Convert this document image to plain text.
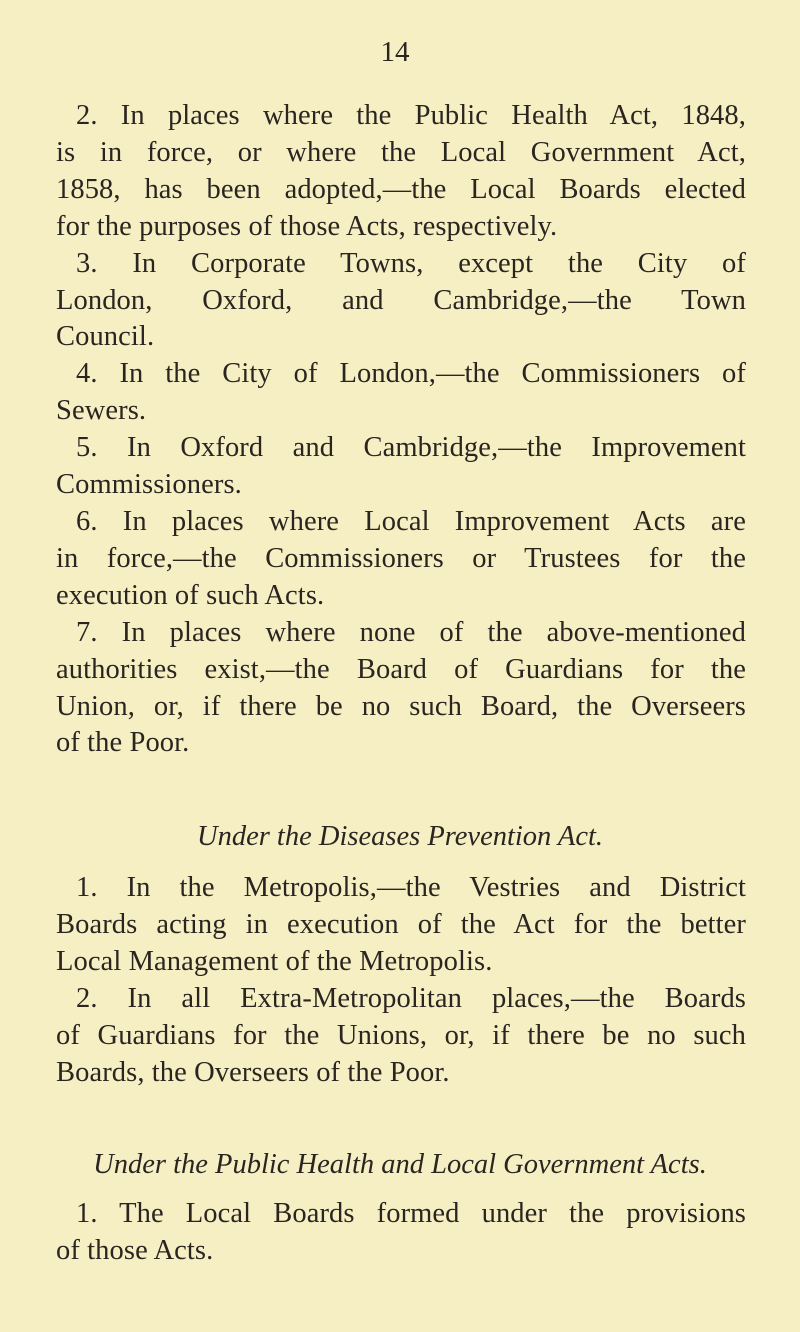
14
2. In places where the Public Health Act, 1848,
is in force, or where the Local Government Act,
1858, has been adopted,—the Local Boards elected
for the purposes of those Acts, respectively.
3. In Corporate Towns, except the City of
London, Oxford, and Cambridge,—the Town
Council.
4. In the City of London,—the Commissioners of
Sewers.
5. In Oxford and Cambridge,—the Improvement
Commissioners.
6. In places where Local Improvement Acts are
in force,—the Commissioners or Trustees for the
execution of such Acts.
7. In places where none of the above-mentioned
authorities exist,—the Board of Guardians for the
Union, or, if there be no such Board, the Overseers
of the Poor.
Under the Diseases Prevention Act.
1. In the Metropolis,—the Vestries and District
Boards acting in execution of the Act for the better
Local Management of the Metropolis.
2. In all Extra-Metropolitan places,—the Boards
of Guardians for the Unions, or, if there be no such
Boards, the Overseers of the Poor.
Under the Public Health and Local Government Acts.
1. The Local Boards formed under the provisions
of those Acts.
